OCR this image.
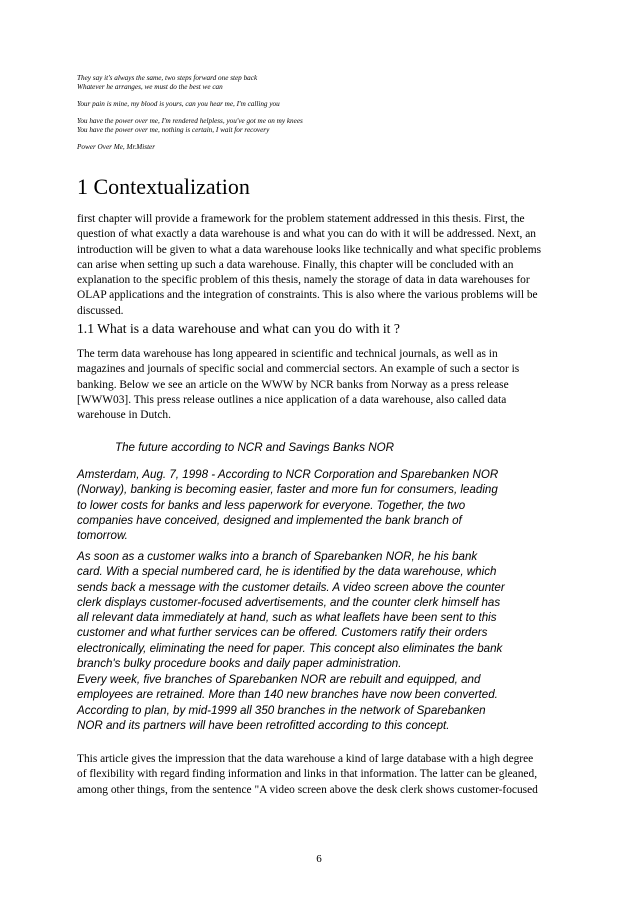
They say it's always the same, two steps forward one step back
Whatever he arranges, we must do the best we can
Your pain is mine, my blood is yours, can you hear me, I'm calling you
You have the power over me, I'm rendered helpless, you've got me on my knees
You have the power over me, nothing is certain, I wait for recovery
Power Over Me, Mr.Mister
1 Contextualization
first chapter will provide a framework for the problem statement addressed in this thesis. First, the
question of what exactly a data warehouse is and what you can do with it will be addressed. Next, an
introduction will be given to what a data warehouse looks like technically and what specific problems
can arise when setting up such a data warehouse. Finally, this chapter will be concluded with an
explanation to the specific problem of this thesis, namely the storage of data in data warehouses for
OLAP applications and the integration of constraints. This is also where the various problems will be
discussed.
1.1 What is a data warehouse and what can you do with it ?
The term data warehouse has long appeared in scientific and technical journals, as well as in
magazines and journals of specific social and commercial sectors. An example of such a sector is
banking. Below we see an article on the WWW by NCR banks from Norway as a press release
[WWW03]. This press release outlines a nice application of a data warehouse, also called data
warehouse in Dutch.
The future according to NCR and Savings Banks NOR
Amsterdam, Aug. 7, 1998 - According to NCR Corporation and Sparebanken NOR
(Norway), banking is becoming easier, faster and more fun for consumers, leading
to lower costs for banks and less paperwork for everyone. Together, the two
companies have conceived, designed and implemented the bank branch of
tomorrow.
As soon as a customer walks into a branch of Sparebanken NOR, he his bank
card. With a special numbered card, he is identified by the data warehouse, which
sends back a message with the customer details. A video screen above the counter
clerk displays customer-focused advertisements, and the counter clerk himself has
all relevant data immediately at hand, such as what leaflets have been sent to this
customer and what further services can be offered. Customers ratify their orders
electronically, eliminating the need for paper. This concept also eliminates the bank
branch's bulky procedure books and daily paper administration.
Every week, five branches of Sparebanken NOR are rebuilt and equipped, and
employees are retrained. More than 140 new branches have now been converted.
According to plan, by mid-1999 all 350 branches in the network of Sparebanken
NOR and its partners will have been retrofitted according to this concept.
This article gives the impression that the data warehouse a kind of large database with a high degree
of flexibility with regard finding information and links in that information. The latter can be gleaned,
among other things, from the sentence "A video screen above the desk clerk shows customer-focused
6
